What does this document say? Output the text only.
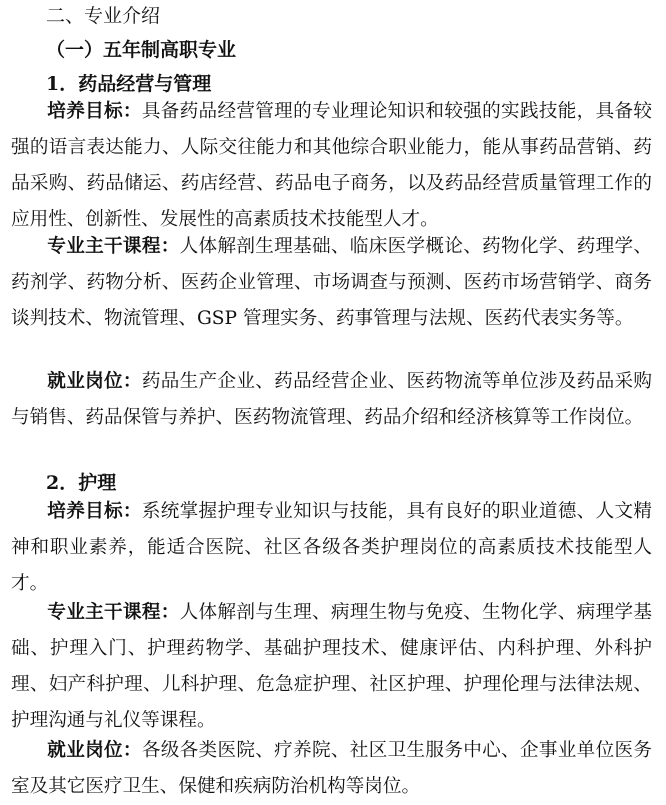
二、专业介绍
（一）五年制高职专业
1．药品经营与管理
培养目标：具备药品经营管理的专业理论知识和较强的实践技能，具备较强的语言表达能力、人际交往能力和其他综合职业能力，能从事药品营销、药品采购、药品储运、药店经营、药品电子商务，以及药品经营质量管理工作的应用性、创新性、发展性的高素质技术技能型人才。
专业主干课程：人体解剖生理基础、临床医学概论、药物化学、药理学、药剂学、药物分析、医药企业管理、市场调查与预测、医药市场营销学、商务谈判技术、物流管理、GSP 管理实务、药事管理与法规、医药代表实务等。
就业岗位：药品生产企业、药品经营企业、医药物流等单位涉及药品采购与销售、药品保管与养护、医药物流管理、药品介绍和经济核算等工作岗位。
2．护理
培养目标：系统掌握护理专业知识与技能，具有良好的职业道德、人文精神和职业素养，能适合医院、社区各级各类护理岗位的高素质技术技能型人才。
专业主干课程：人体解剖与生理、病理生物与免疫、生物化学、病理学基础、护理入门、护理药物学、基础护理技术、健康评估、内科护理、外科护理、妇产科护理、儿科护理、危急症护理、社区护理、护理伦理与法律法规、护理沟通与礼仪等课程。
就业岗位：各级各类医院、疗养院、社区卫生服务中心、企事业单位医务室及其它医疗卫生、保健和疾病防治机构等岗位。
